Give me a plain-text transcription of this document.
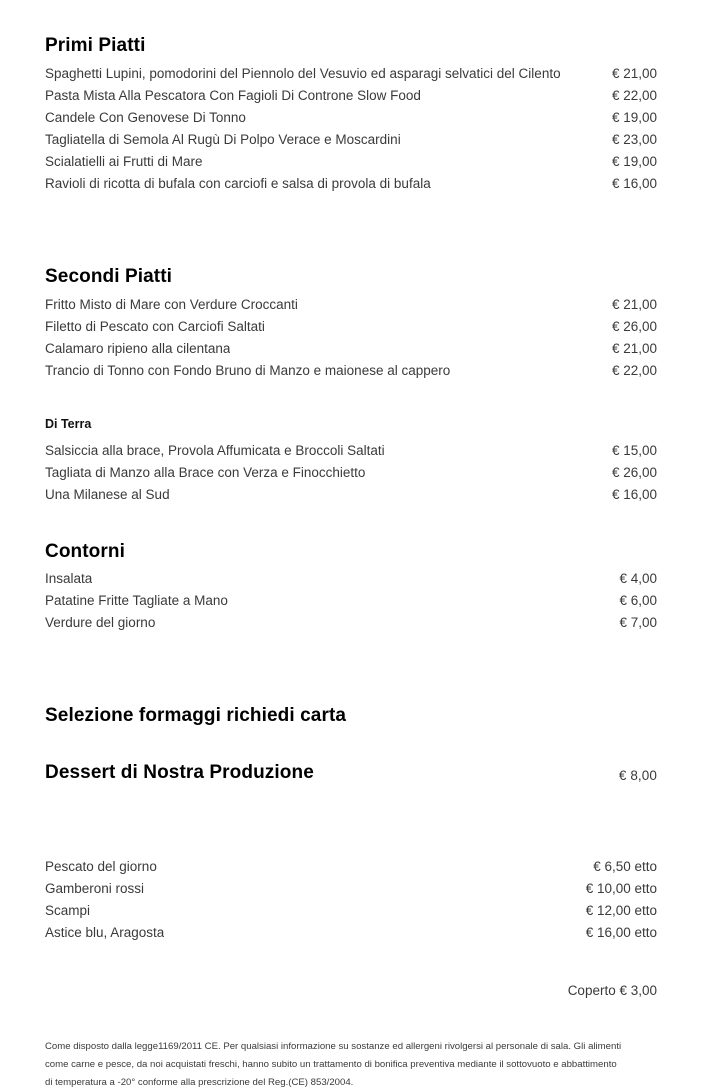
Primi Piatti
Spaghetti Lupini, pomodorini del Piennolo del Vesuvio ed asparagi selvatici del Cilento	€ 21,00
Pasta Mista Alla Pescatora Con Fagioli Di Controne Slow Food	€ 22,00
Candele Con Genovese Di Tonno	€ 19,00
Tagliatella di Semola Al Rugù Di Polpo Verace e Moscardini	€ 23,00
Scialatielli ai Frutti di Mare	€ 19,00
Ravioli di ricotta di bufala con carciofi e salsa di provola di bufala	€ 16,00
Secondi Piatti
Fritto Misto di Mare con Verdure Croccanti	€ 21,00
Filetto di Pescato con Carciofi Saltati	€ 26,00
Calamaro ripieno alla cilentana	€ 21,00
Trancio di Tonno con Fondo Bruno di Manzo e maionese al cappero	€ 22,00
Di Terra
Salsiccia alla brace, Provola Affumicata e Broccoli Saltati	€ 15,00
Tagliata di Manzo alla Brace con Verza e Finocchietto	€ 26,00
Una Milanese al Sud	€ 16,00
Contorni
Insalata	€ 4,00
Patatine Fritte Tagliate a Mano	€ 6,00
Verdure del giorno	€ 7,00
Selezione formaggi richiedi carta
Dessert di Nostra Produzione	€ 8,00
Pescato del giorno	€ 6,50 etto
Gamberoni rossi	€ 10,00 etto
Scampi	€ 12,00 etto
Astice blu, Aragosta	€ 16,00 etto
Coperto € 3,00

Come disposto dalla legge1169/2011 CE. Per qualsiasi informazione su sostanze ed allergeni rivolgersi al personale di sala. Gli alimenti

come carne e pesce, da noi acquistati freschi, hanno subito un trattamento di bonifica preventiva mediante il sottovuoto e abbattimento

di temperatura a -20° conforme alla prescrizione del Reg.(CE) 853/2004.
